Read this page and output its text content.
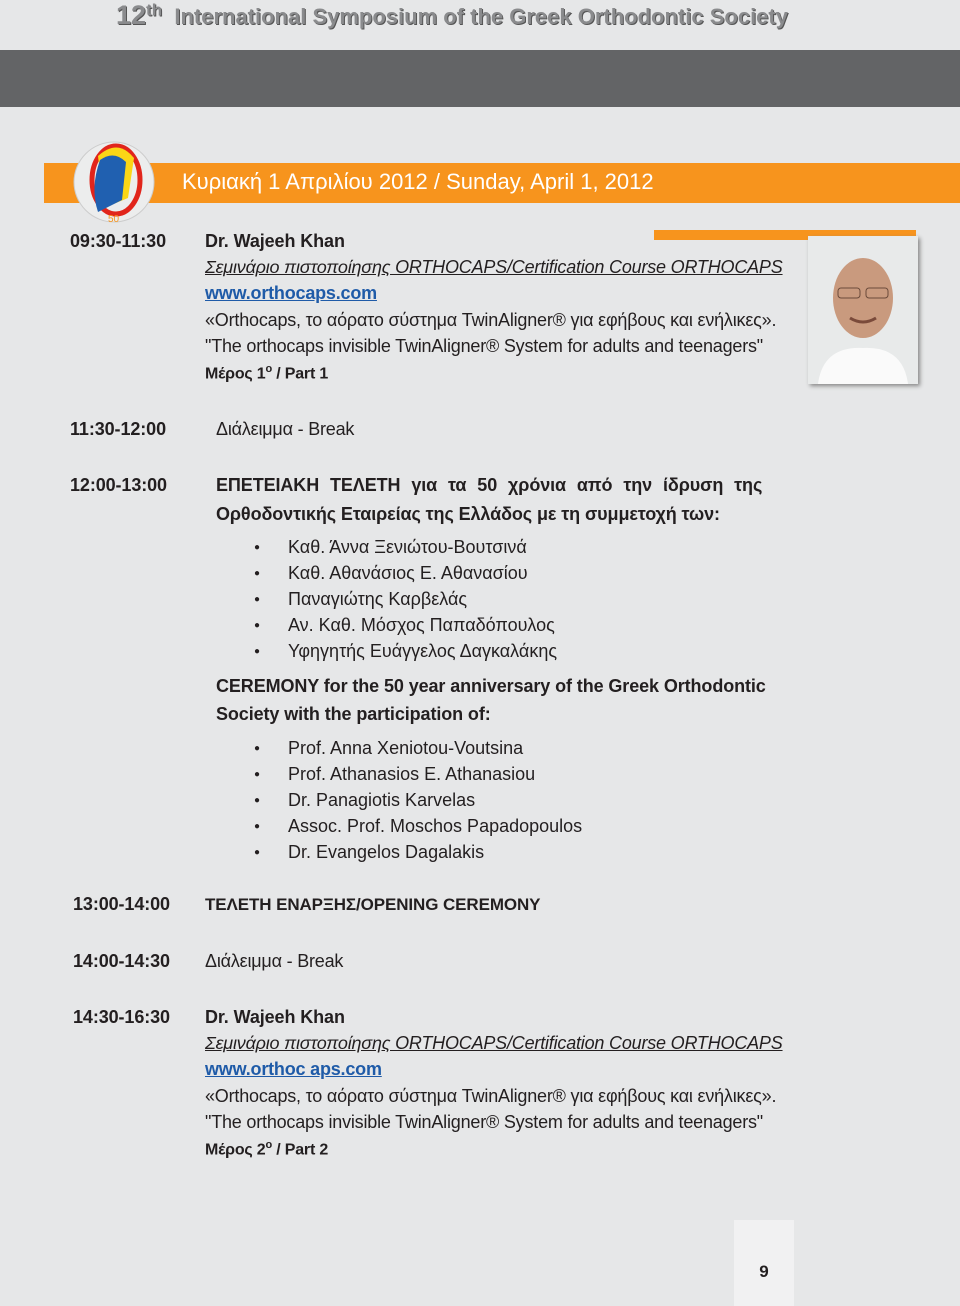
12th International Symposium of the Greek Orthodontic Society
50
Κυριακή 1 Απριλίου 2012 / Sunday, April 1, 2012
09:30-11:30 Dr. Wajeeh Khan
Σεμινάριο πιστοποίησης ORTHOCAPS/Certification Course ORTHOCAPS
www.orthocaps.com
«Orthocaps, το αόρατο σύστημα TwinAligner® για εφήβους και ενήλικες».
"The orthocaps invisible TwinAligner® System for adults and teenagers"
Μέρος $1^o$ / Part 1
11:30-12:00	Διάλειμμα - Break
12:00-13:00	ΕΠΕΤΕΙΑΚΗ ΤΕΛΕΤΗ για τα 50 χρόνια από την ίδρυση της
Ορθοδοντικής Εταιρείας της Ελλάδος με τη συμμετοχή των:
● Καθ. Άννα Ξενιώτου-Βουτσινά
● Καθ. Αθανάσιος Ε. Αθανασίου
● Παναγιώτης Καρβελάς
● Αν. Καθ. Μόσχος Παπαδόπουλος
● Υφηγητής Ευάγγελος Δαγκαλάκης
CEREMONY for the 50 year anniversary of the Greek Orthodontic
Society with the participation of:
● Prof. Anna Xeniotou-Voutsina
● Prof. Athanasios E. Athanasiou
● Dr. Panagiotis Karvelas
● Assoc. Prof. Moschos Papadopoulos
● Dr. Evangelos Dagalakis
13:00-14:00 ΤΕΛΕΤΗ ΕΝΑΡΞΗΣ/OPENING CEREMONY
14:00-14:30 Διάλειμμα - Break
14:30-16:30 Dr. Wajeeh Khan
Σεμινάριο πιστοποίησης ORTHOCAPS/Certification Course ORTHOCAPS
www.orthoc aps.com
«Orthocaps, το αόρατο σύστημα TwinAligner® για εφήβους και ενήλικες».
"The orthocaps invisible TwinAligner® System for adults and teenagers"
Μέρος $2^o$ / Part 2
9
